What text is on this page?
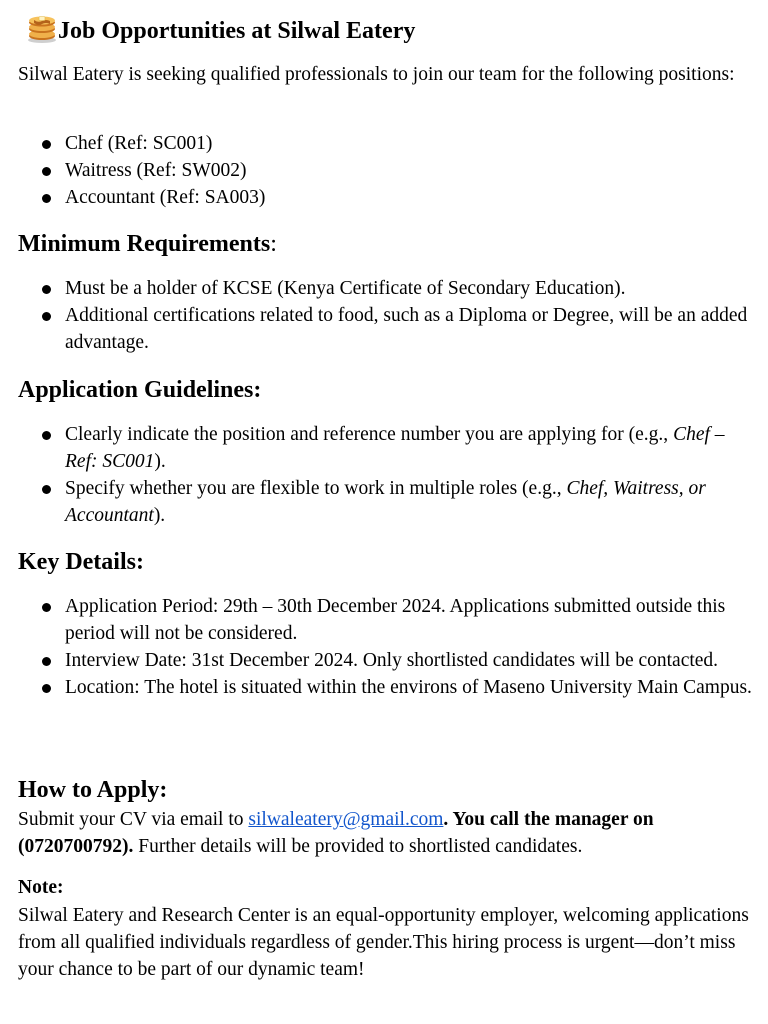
Job Opportunities at Silwal Eatery

Silwal Eatery is seeking qualified professionals to join our team for the following positions:

Chef (Ref: SC001)
Waitress (Ref: SW002)
Accountant (Ref: SA003)
Minimum Requirements:
Must be a holder of KCSE (Kenya Certificate of Secondary Education).
Additional certifications related to food, such as a Diploma or Degree, will be an added advantage.
Application Guidelines:
Clearly indicate the position and reference number you are applying for (e.g., Chef – Ref: SC001).
Specify whether you are flexible to work in multiple roles (e.g., Chef, Waitress, or Accountant).
Key Details:
Application Period: 29th – 30th December 2024. Applications submitted outside this period will not be considered.
Interview Date: 31st December 2024. Only shortlisted candidates will be contacted.
Location: The hotel is situated within the environs of Maseno University Main Campus.
How to Apply:

Submit your CV via email to silwaleatery@gmail.com. You call the manager on (0720700792). Further details will be provided to shortlisted candidates.

Note:

Silwal Eatery and Research Center is an equal-opportunity employer, welcoming applications from all qualified individuals regardless of gender.This hiring process is urgent—don’t miss your chance to be part of our dynamic team!
